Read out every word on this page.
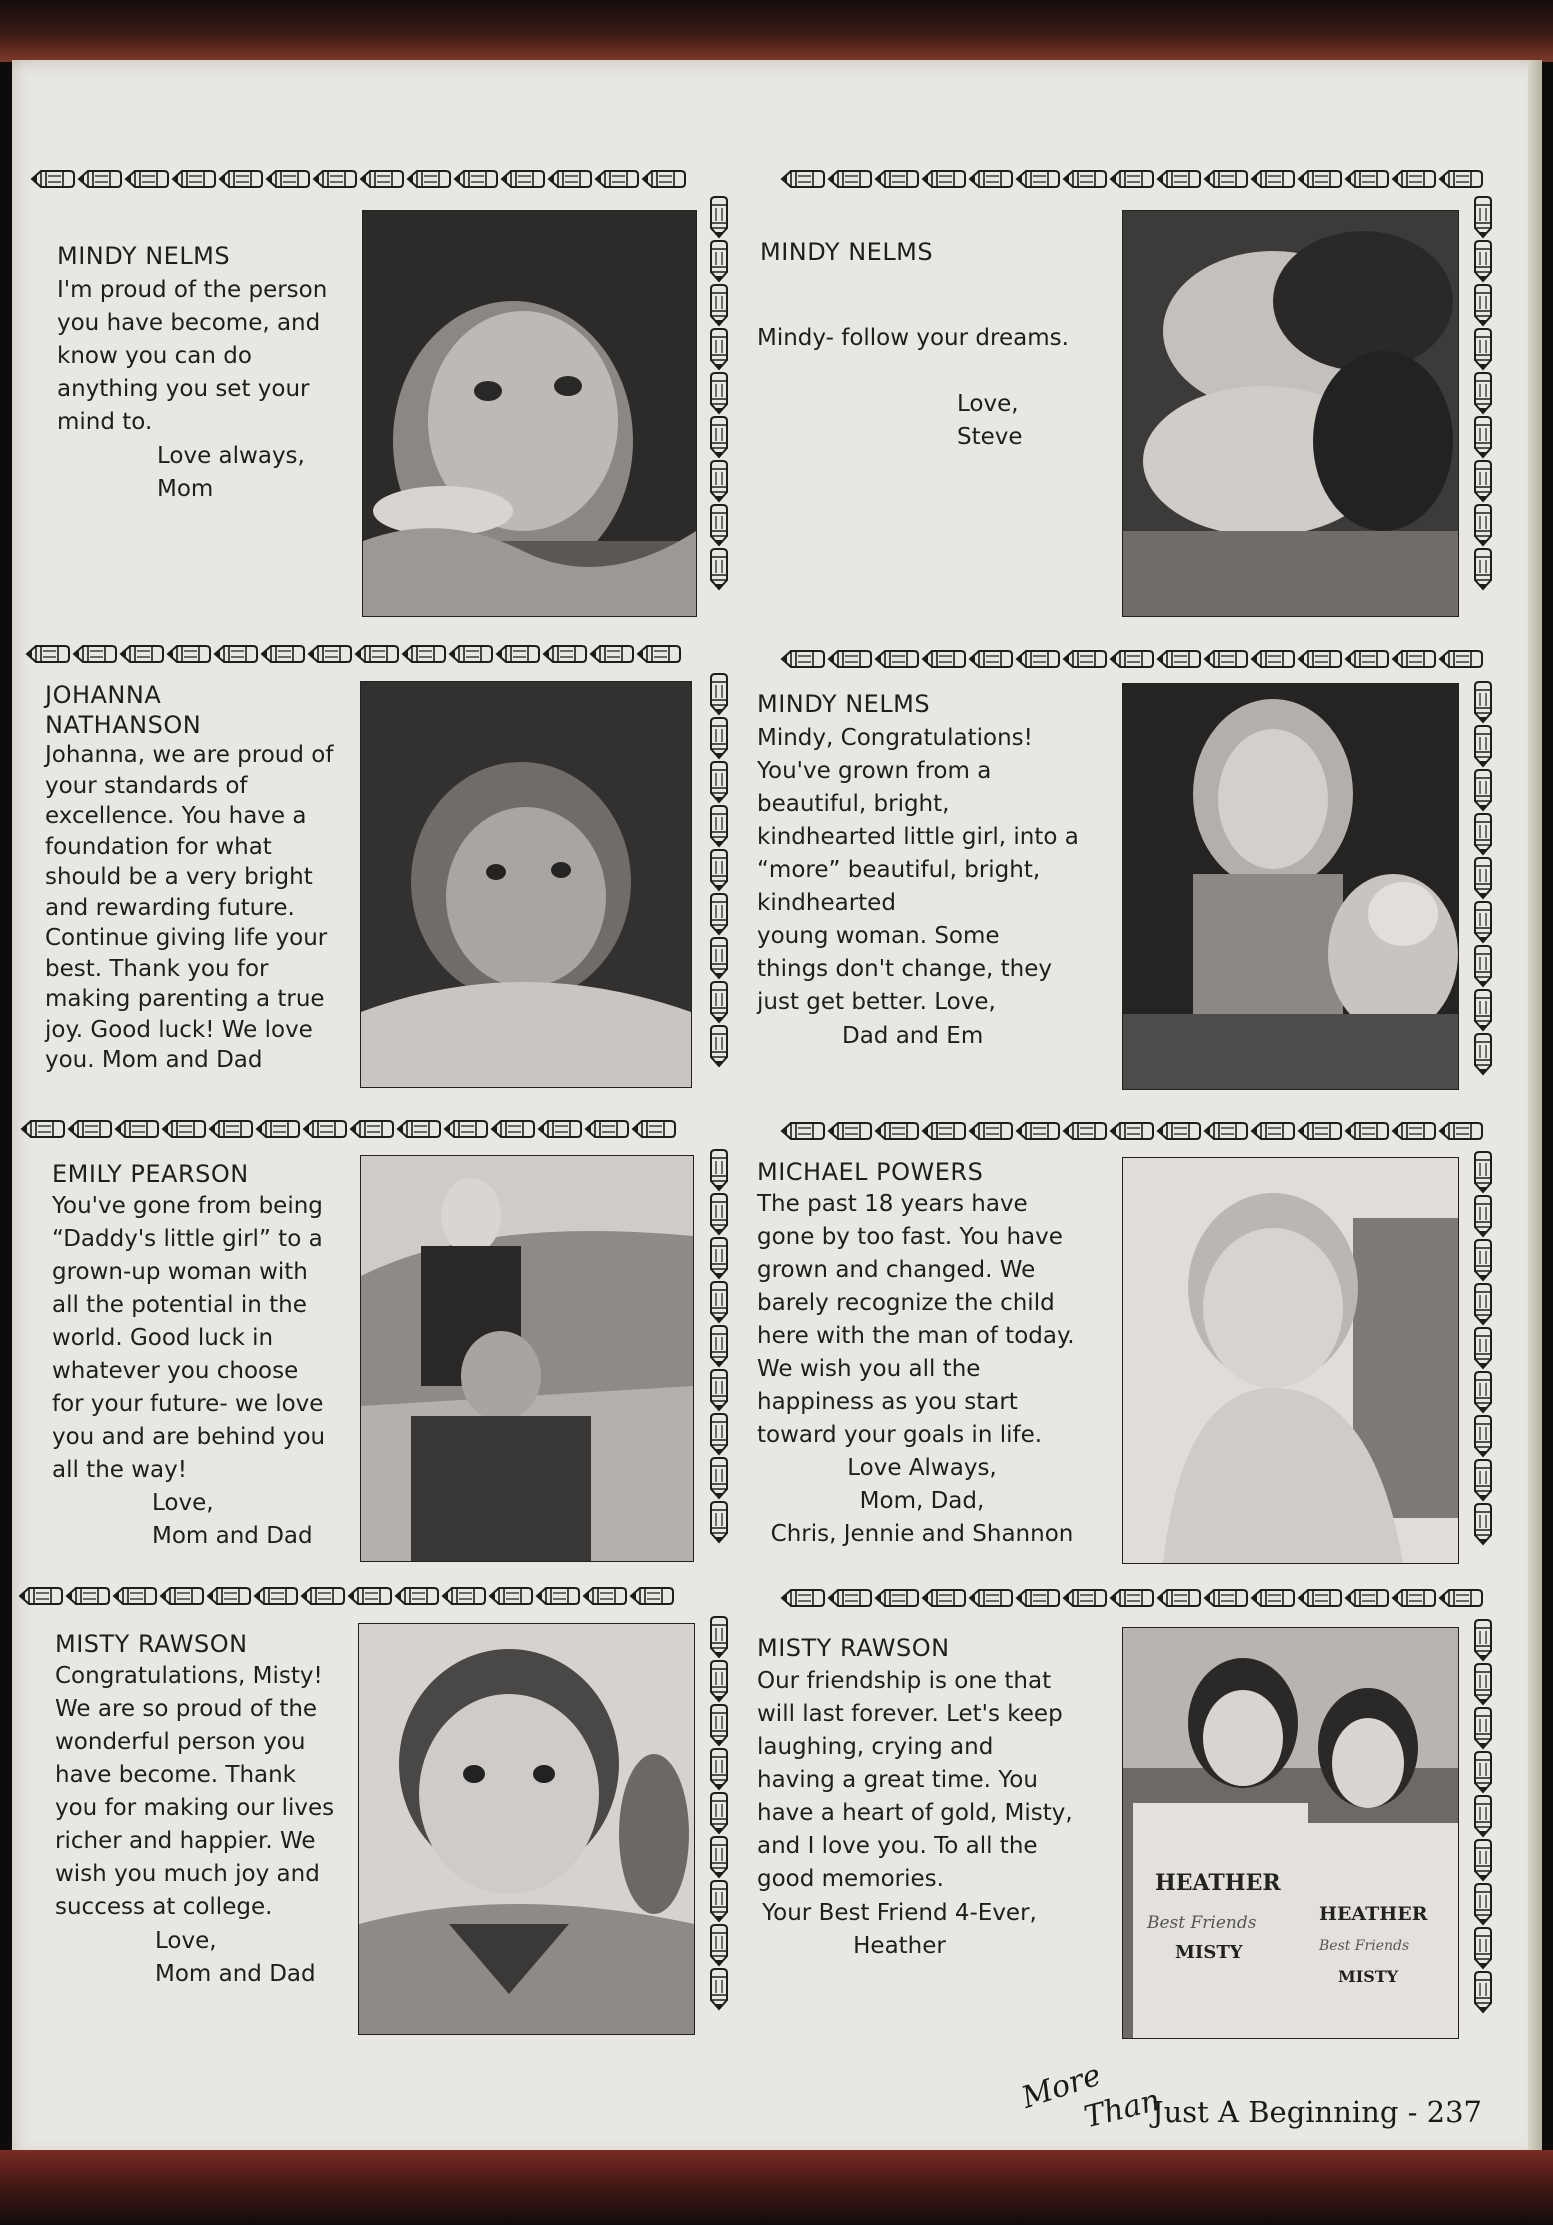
MINDY NELMS
I'm proud of the person
you have become, and
know you can do
anything you set your
mind to.
Love always,
Mom
MINDY NELMS
Mindy- follow your dreams.
Love,
Steve
JOHANNA
NATHANSON
Johanna, we are proud of
your standards of
excellence. You have a
foundation for what
should be a very bright
and rewarding future.
Continue giving life your
best. Thank you for
making parenting a true
joy. Good luck! We love
you. Mom and Dad
MINDY NELMS
Mindy, Congratulations!
You've grown from a
beautiful, bright,
kindhearted little girl, into a
“more” beautiful, bright,
kindhearted
young woman. Some
things don't change, they
just get better. Love,
Dad and Em
EMILY PEARSON
You've gone from being
“Daddy's little girl” to a
grown-up woman with
all the potential in the
world. Good luck in
whatever you choose
for your future- we love
you and are behind you
all the way!
Love,
Mom and Dad
MICHAEL POWERS
The past 18 years have
gone by too fast. You have
grown and changed. We
barely recognize the child
here with the man of today.
We wish you all the
happiness as you start
toward your goals in life.
Love Always,
Mom, Dad,
Chris, Jennie and Shannon
MISTY RAWSON
Congratulations, Misty!
We are so proud of the
wonderful person you
have become. Thank
you for making our lives
richer and happier. We
wish you much joy and
success at college.
Love,
Mom and Dad
MISTY RAWSON
Our friendship is one that
will last forever. Let's keep
laughing, crying and
having a great time. You
have a heart of gold, Misty,
and I love you. To all the
good memories.
Your Best Friend 4-Ever,
Heather
HEATHER
Best Friends
MISTY
HEATHER
Best Friends
MISTY
More
Than
Just A Beginning - 237
